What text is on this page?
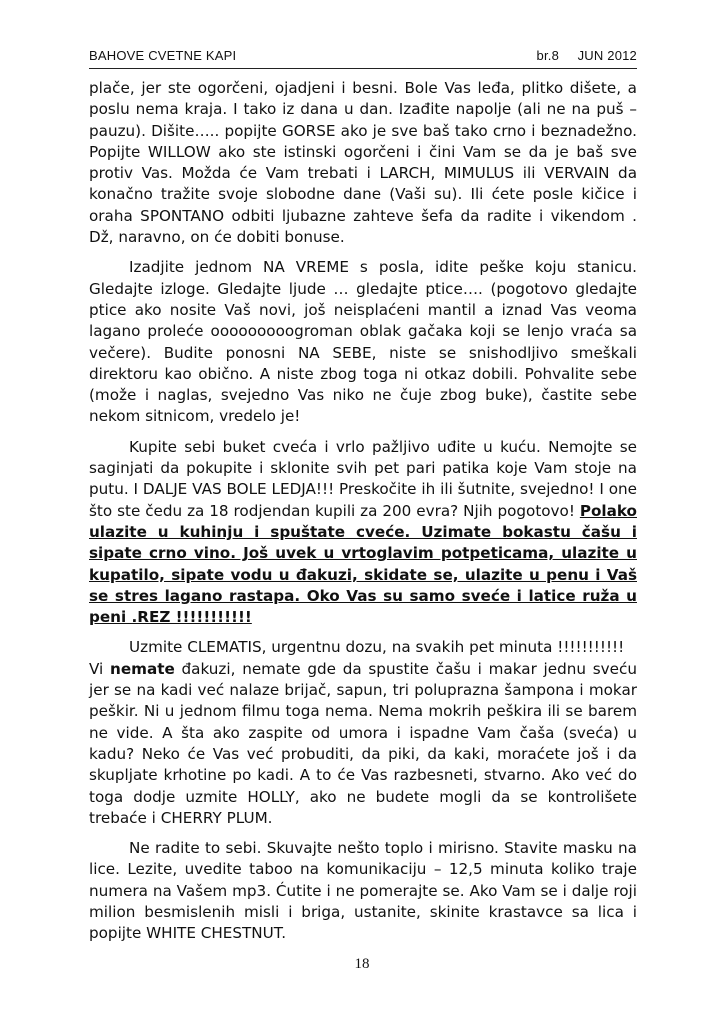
BAHOVE CVETNE KAPI	br.8 JUN 2012

plače, jer ste ogorčeni, ojadjeni i besni. Bole Vas leđa, plitko dišete, a poslu nema kraja. I tako iz dana u dan. Izađite napolje (ali ne na puš – pauzu). Dišite….. popijte GORSE ako je sve baš tako crno i beznadežno. Popijte WILLOW ako ste istinski ogorčeni i čini Vam se da je baš sve protiv Vas. Možda će Vam trebati i LARCH, MIMULUS ili VERVAIN da konačno tražite svoje slobodne dane (Vaši su). Ili ćete posle kičice i oraha SPONTANO odbiti ljubazne zahteve šefa da radite i vikendom . Dž, naravno, on će dobiti bonuse.

Izadjite jednom NA VREME s posla, idite peške koju stanicu. Gledajte izloge. Gledajte ljude … gledajte ptice…. (pogotovo gledajte ptice ako nosite Vaš novi, još neisplaćeni mantil a iznad Vas veoma lagano proleće ooooooooogroman oblak gačaka koji se lenjo vraća sa večere). Budite ponosni NA SEBE, niste se snishodljivo smeškali direktoru kao obično. A niste zbog toga ni otkaz dobili. Pohvalite sebe (može i naglas, svejedno Vas niko ne čuje zbog buke), častite sebe nekom sitnicom, vredelo je!

Kupite sebi buket cveća i vrlo pažljivo uđite u kuću. Nemojte se saginjati da pokupite i sklonite svih pet pari patika koje Vam stoje na putu. I DALJE VAS BOLE LEDJA!!! Preskočite ih ili šutnite, svejedno! I one što ste čedu za 18 rodjendan kupili za 200 evra? Njih pogotovo! Polako ulazite u kuhinju i spuštate cveće. Uzimate bokastu čašu i sipate crno vino. Još uvek u vrtoglavim potpeticama, ulazite u kupatilo, sipate vodu u đakuzi, skidate se, ulazite u penu i Vaš se stres lagano rastapa. Oko Vas su samo sveće i latice ruža u peni .REZ !!!!!!!!!!!

Uzmite CLEMATIS, urgentnu dozu, na svakih pet minuta !!!!!!!!!!!

Vi nemate đakuzi, nemate gde da spustite čašu i makar jednu sveću jer se na kadi već nalaze brijač, sapun, tri poluprazna šampona i mokar peškir. Ni u jednom filmu toga nema. Nema mokrih peškira ili se barem ne vide. A šta ako zaspite od umora i ispadne Vam čaša (sveća) u kadu? Neko će Vas već probuditi, da piki, da kaki, moraćete još i da skupljate krhotine po kadi. A to će Vas razbesneti, stvarno. Ako već do toga dodje uzmite HOLLY, ako ne budete mogli da se kontrolišete trebaće i CHERRY PLUM.

Ne radite to sebi. Skuvajte nešto toplo i mirisno. Stavite masku na lice. Lezite, uvedite taboo na komunikaciju – 12,5 minuta koliko traje numera na Vašem mp3. Ćutite i ne pomerajte se. Ako Vam se i dalje roji milion besmislenih misli i briga, ustanite, skinite krastavce sa lica i popijte WHITE CHESTNUT.

18
